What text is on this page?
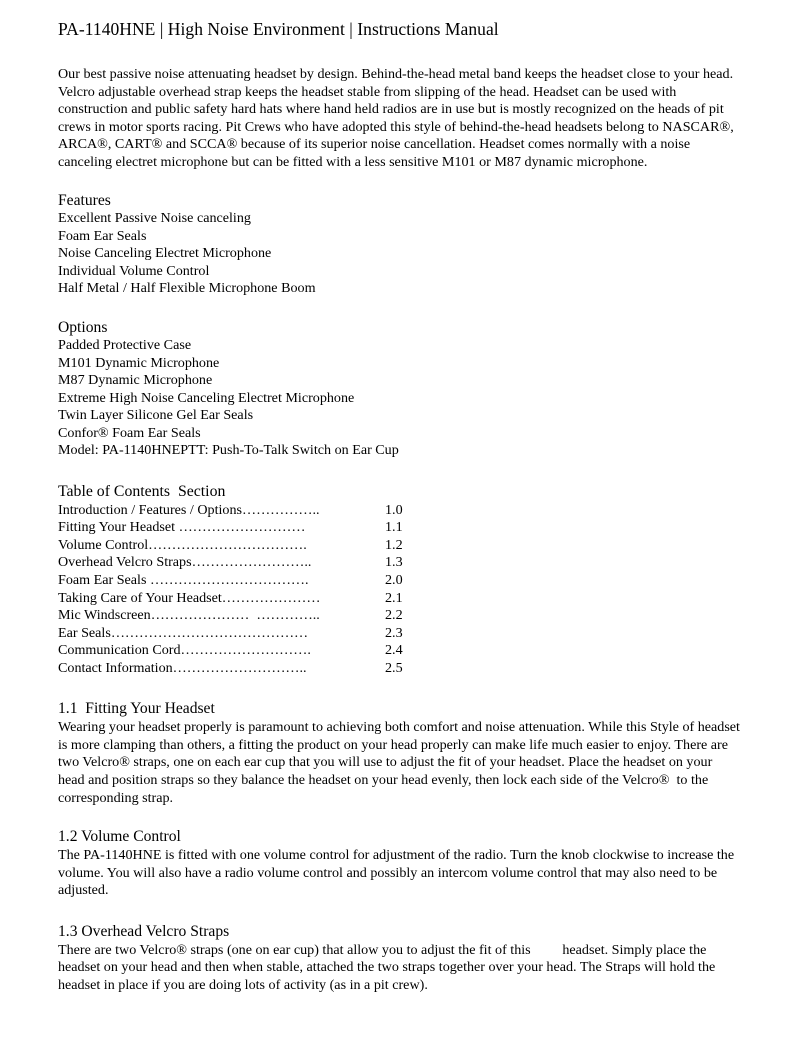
PA-1140HNE | High Noise Environment | Instructions Manual

Our best passive noise attenuating headset by design. Behind-the-head metal band keeps the headset close to your head. Velcro adjustable overhead strap keeps the headset stable from slipping of the head. Headset can be used with construction and public safety hard hats where hand held radios are in use but is mostly recognized on the heads of pit crews in motor sports racing. Pit Crews who have adopted this style of behind-the-head headsets belong to NASCAR®, ARCA®, CART® and SCCA® because of its superior noise cancellation. Headset comes normally with a noise canceling electret microphone but can be fitted with a less sensitive M101 or M87 dynamic microphone.

Features
Excellent Passive Noise canceling
Foam Ear Seals
Noise Canceling Electret Microphone
Individual Volume Control
Half Metal / Half Flexible Microphone Boom
Options
Padded Protective Case
M101 Dynamic Microphone
M87 Dynamic Microphone
Extreme High Noise Canceling Electret Microphone
Twin Layer Silicone Gel Ear Seals
Confor® Foam Ear Seals
Model: PA-1140HNEPTT: Push-To-Talk Switch on Ear Cup
Table of Contents  Section
Introduction / Features / Options……………..	1.0
Fitting Your Headset ………………………	1.1
Volume Control…………………………….	1.2
Overhead Velcro Straps……………………..	1.3
Foam Ear Seals …………………………….	2.0
Taking Care of Your Headset…………………	2.1
Mic Windscreen…………………  …………..	2.2
Ear Seals……………………………………	2.3
Communication Cord……………………….	2.4
Contact Information………………………..	2.5
1.1  Fitting Your Headset

Wearing your headset properly is paramount to achieving both comfort and noise attenuation. While this Style of headset is more clamping than others, a fitting the product on your head properly can make life much easier to enjoy. There are two Velcro® straps, one on each ear cup that you will use to adjust the fit of your headset. Place the headset on your head and position straps so they balance the headset on your head evenly, then lock each side of the Velcro®  to the corresponding strap.

1.2 Volume Control

The PA-1140HNE is fitted with one volume control for adjustment of the radio. Turn the knob clockwise to increase the volume. You will also have a radio volume control and possibly an intercom volume control that may also need to be adjusted.

1.3 Overhead Velcro Straps

There are two Velcro® straps (one on ear cup) that allow you to adjust the fit of this         headset. Simply place the headset on your head and then when stable, attached the two straps together over your head. The Straps will hold the headset in place if you are doing lots of activity (as in a pit crew).
